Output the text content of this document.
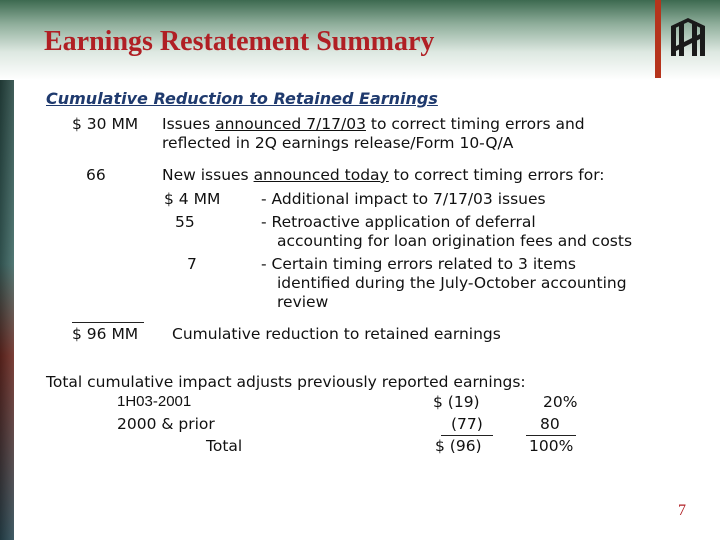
Earnings Restatement Summary
Cumulative Reduction to Retained Earnings
$ 30 MM Issues announced 7/17/03 to correct timing errors and
reflected in 2Q earnings release/Form 10-Q/A
66	New issues announced today to correct timing errors for:
$ 4 MM	- Additional impact to 7/17/03 issues
55	- Retroactive application of deferral
accounting for loan origination fees and costs
7	- Certain timing errors related to 3 items
identified during the July-October accounting
review
$ 96 MM Cumulative reduction to retained earnings
Total cumulative impact adjusts previously reported earnings:
1H03-2001	$ (19)	20%
2000 & prior	(77)	80
Total	$ (96)	100%
7
